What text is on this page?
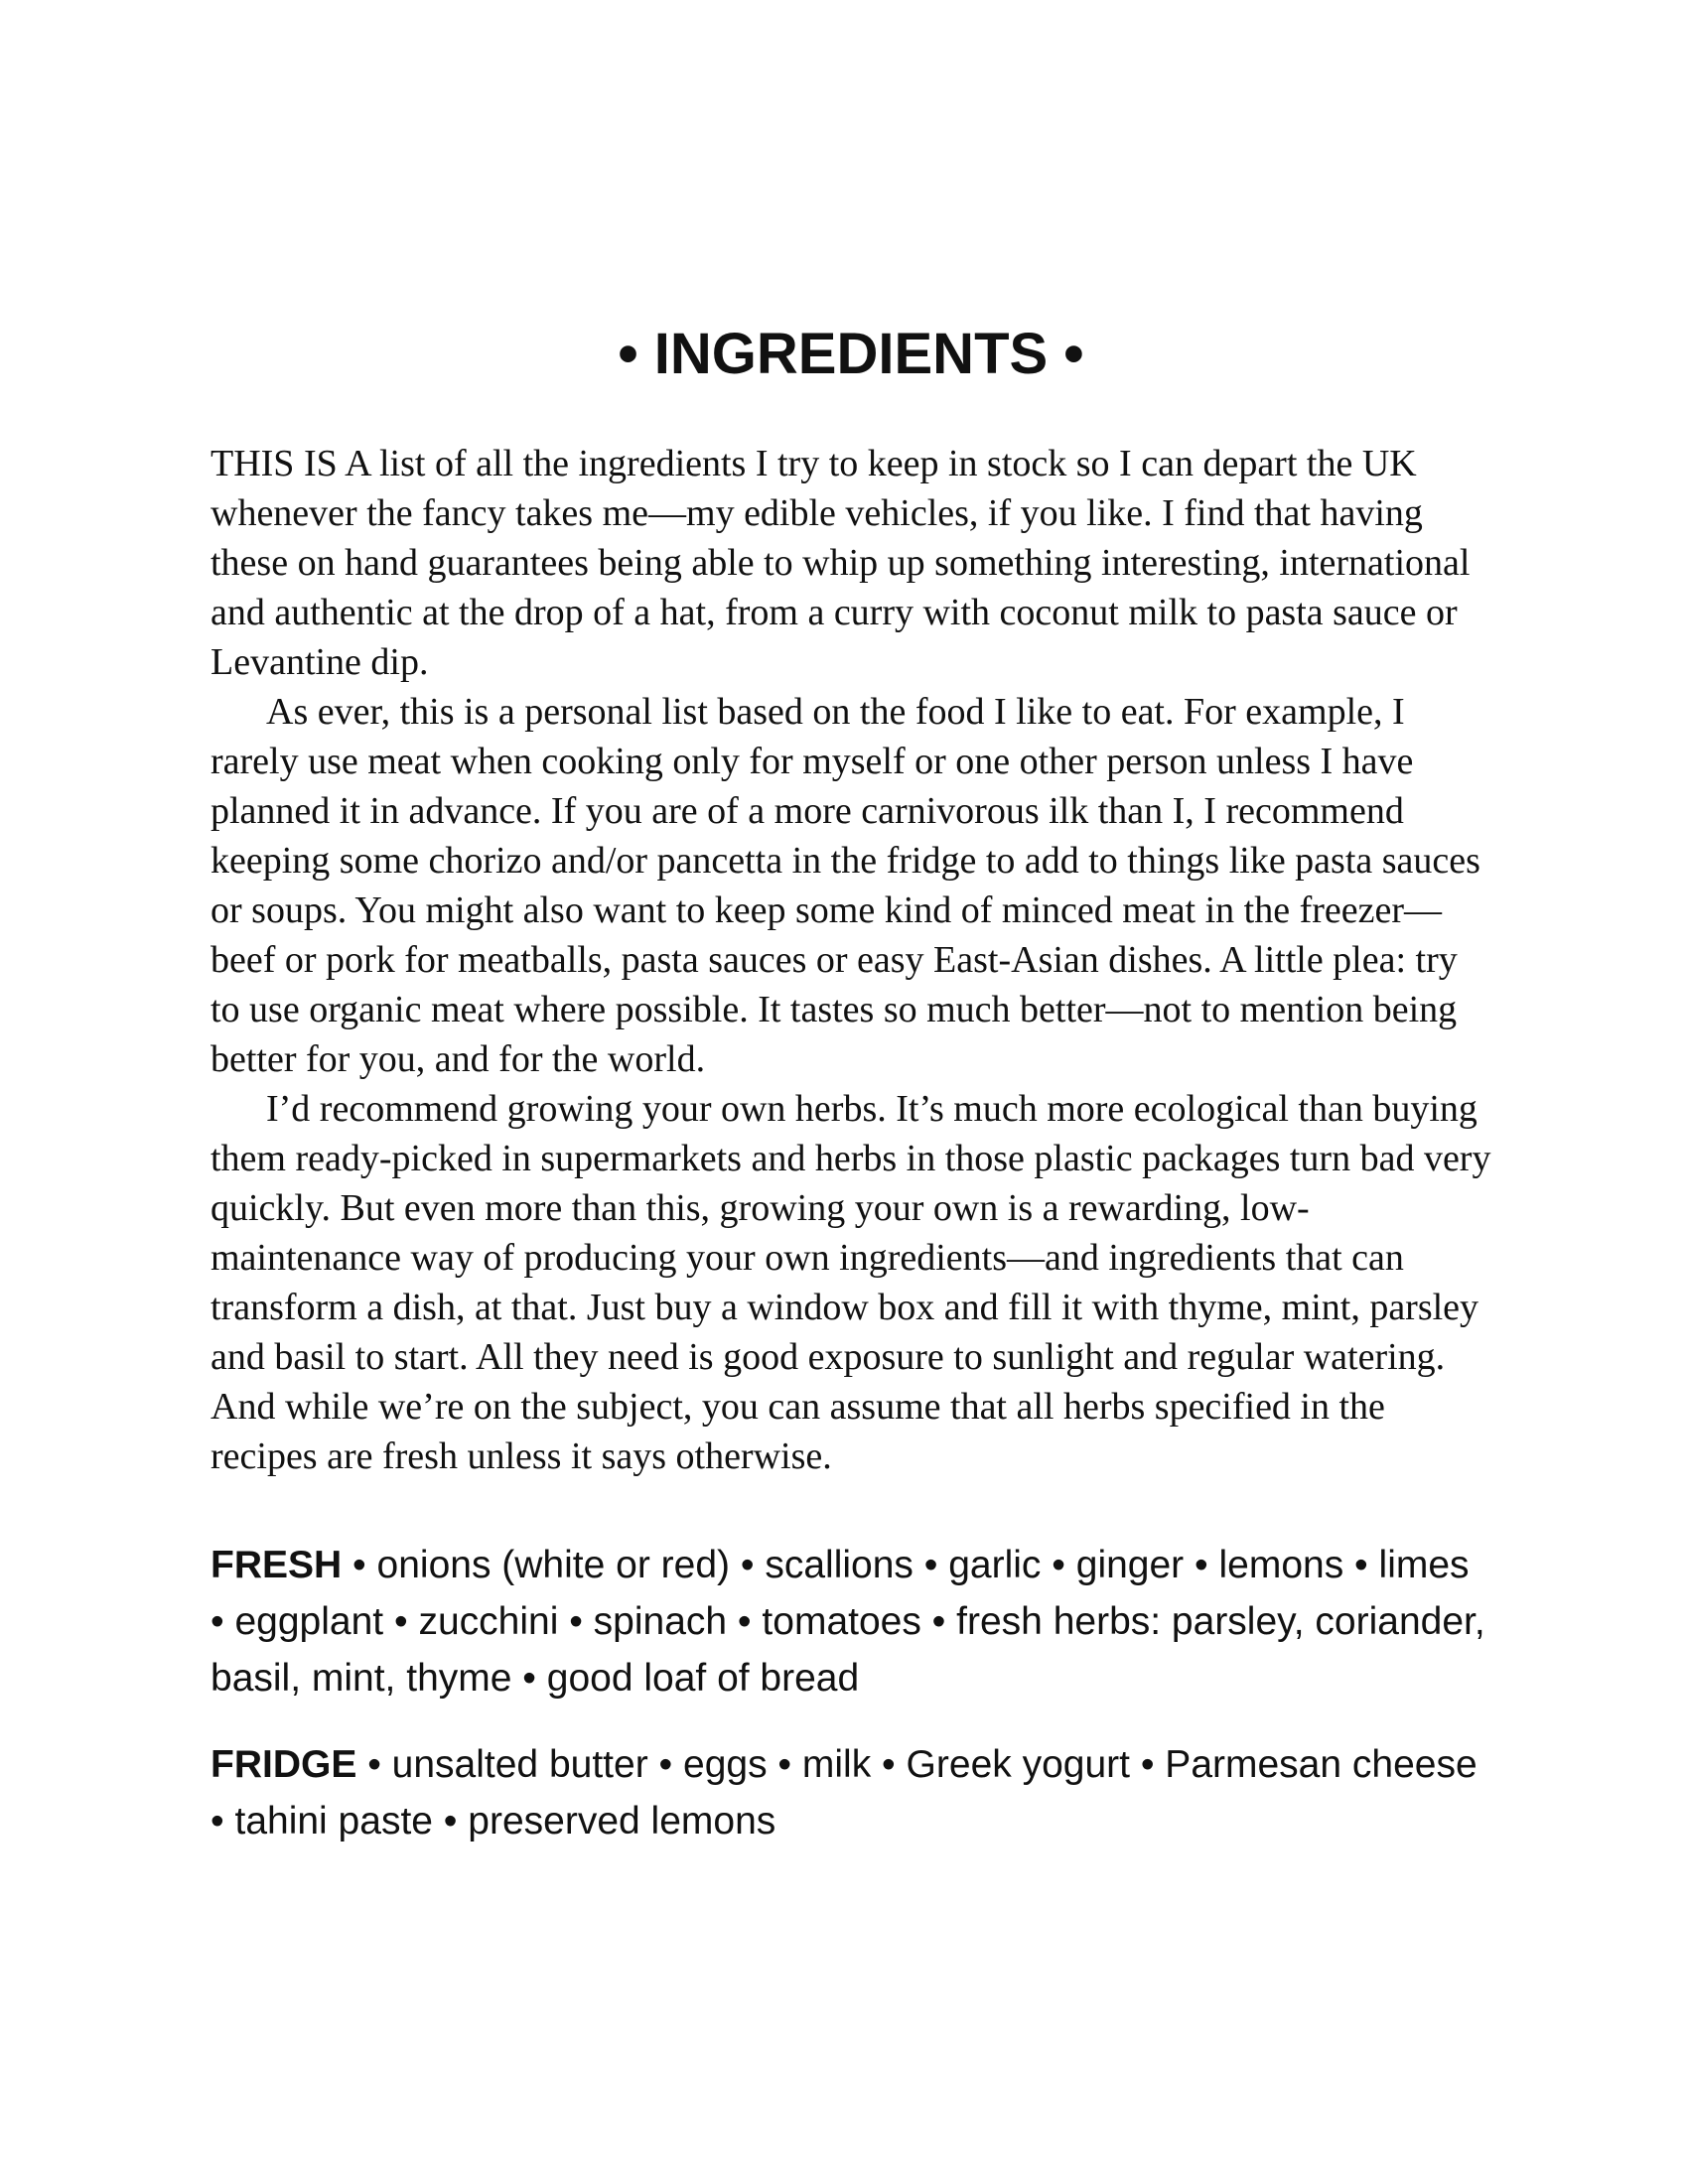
• INGREDIENTS •

THIS IS A list of all the ingredients I try to keep in stock so I can depart the UK whenever the fancy takes me—my edible vehicles, if you like. I find that having these on hand guarantees being able to whip up something interesting, international and authentic at the drop of a hat, from a curry with coconut milk to pasta sauce or Levantine dip.

As ever, this is a personal list based on the food I like to eat. For example, I rarely use meat when cooking only for myself or one other person unless I have planned it in advance. If you are of a more carnivorous ilk than I, I recommend keeping some chorizo and/or pancetta in the fridge to add to things like pasta sauces or soups. You might also want to keep some kind of minced meat in the freezer—beef or pork for meatballs, pasta sauces or easy East-Asian dishes. A little plea: try to use organic meat where possible. It tastes so much better—not to mention being better for you, and for the world.

I’d recommend growing your own herbs. It’s much more ecological than buying them ready-picked in supermarkets and herbs in those plastic packages turn bad very quickly. But even more than this, growing your own is a rewarding, low-maintenance way of producing your own ingredients—and ingredients that can transform a dish, at that. Just buy a window box and fill it with thyme, mint, parsley and basil to start. All they need is good exposure to sunlight and regular watering. And while we’re on the subject, you can assume that all herbs specified in the recipes are fresh unless it says otherwise.

FRESH • onions (white or red) • scallions • garlic • ginger • lemons • limes • eggplant • zucchini • spinach • tomatoes • fresh herbs: parsley, coriander, basil, mint, thyme • good loaf of bread
FRIDGE • unsalted butter • eggs • milk • Greek yogurt • Parmesan cheese • tahini paste • preserved lemons
